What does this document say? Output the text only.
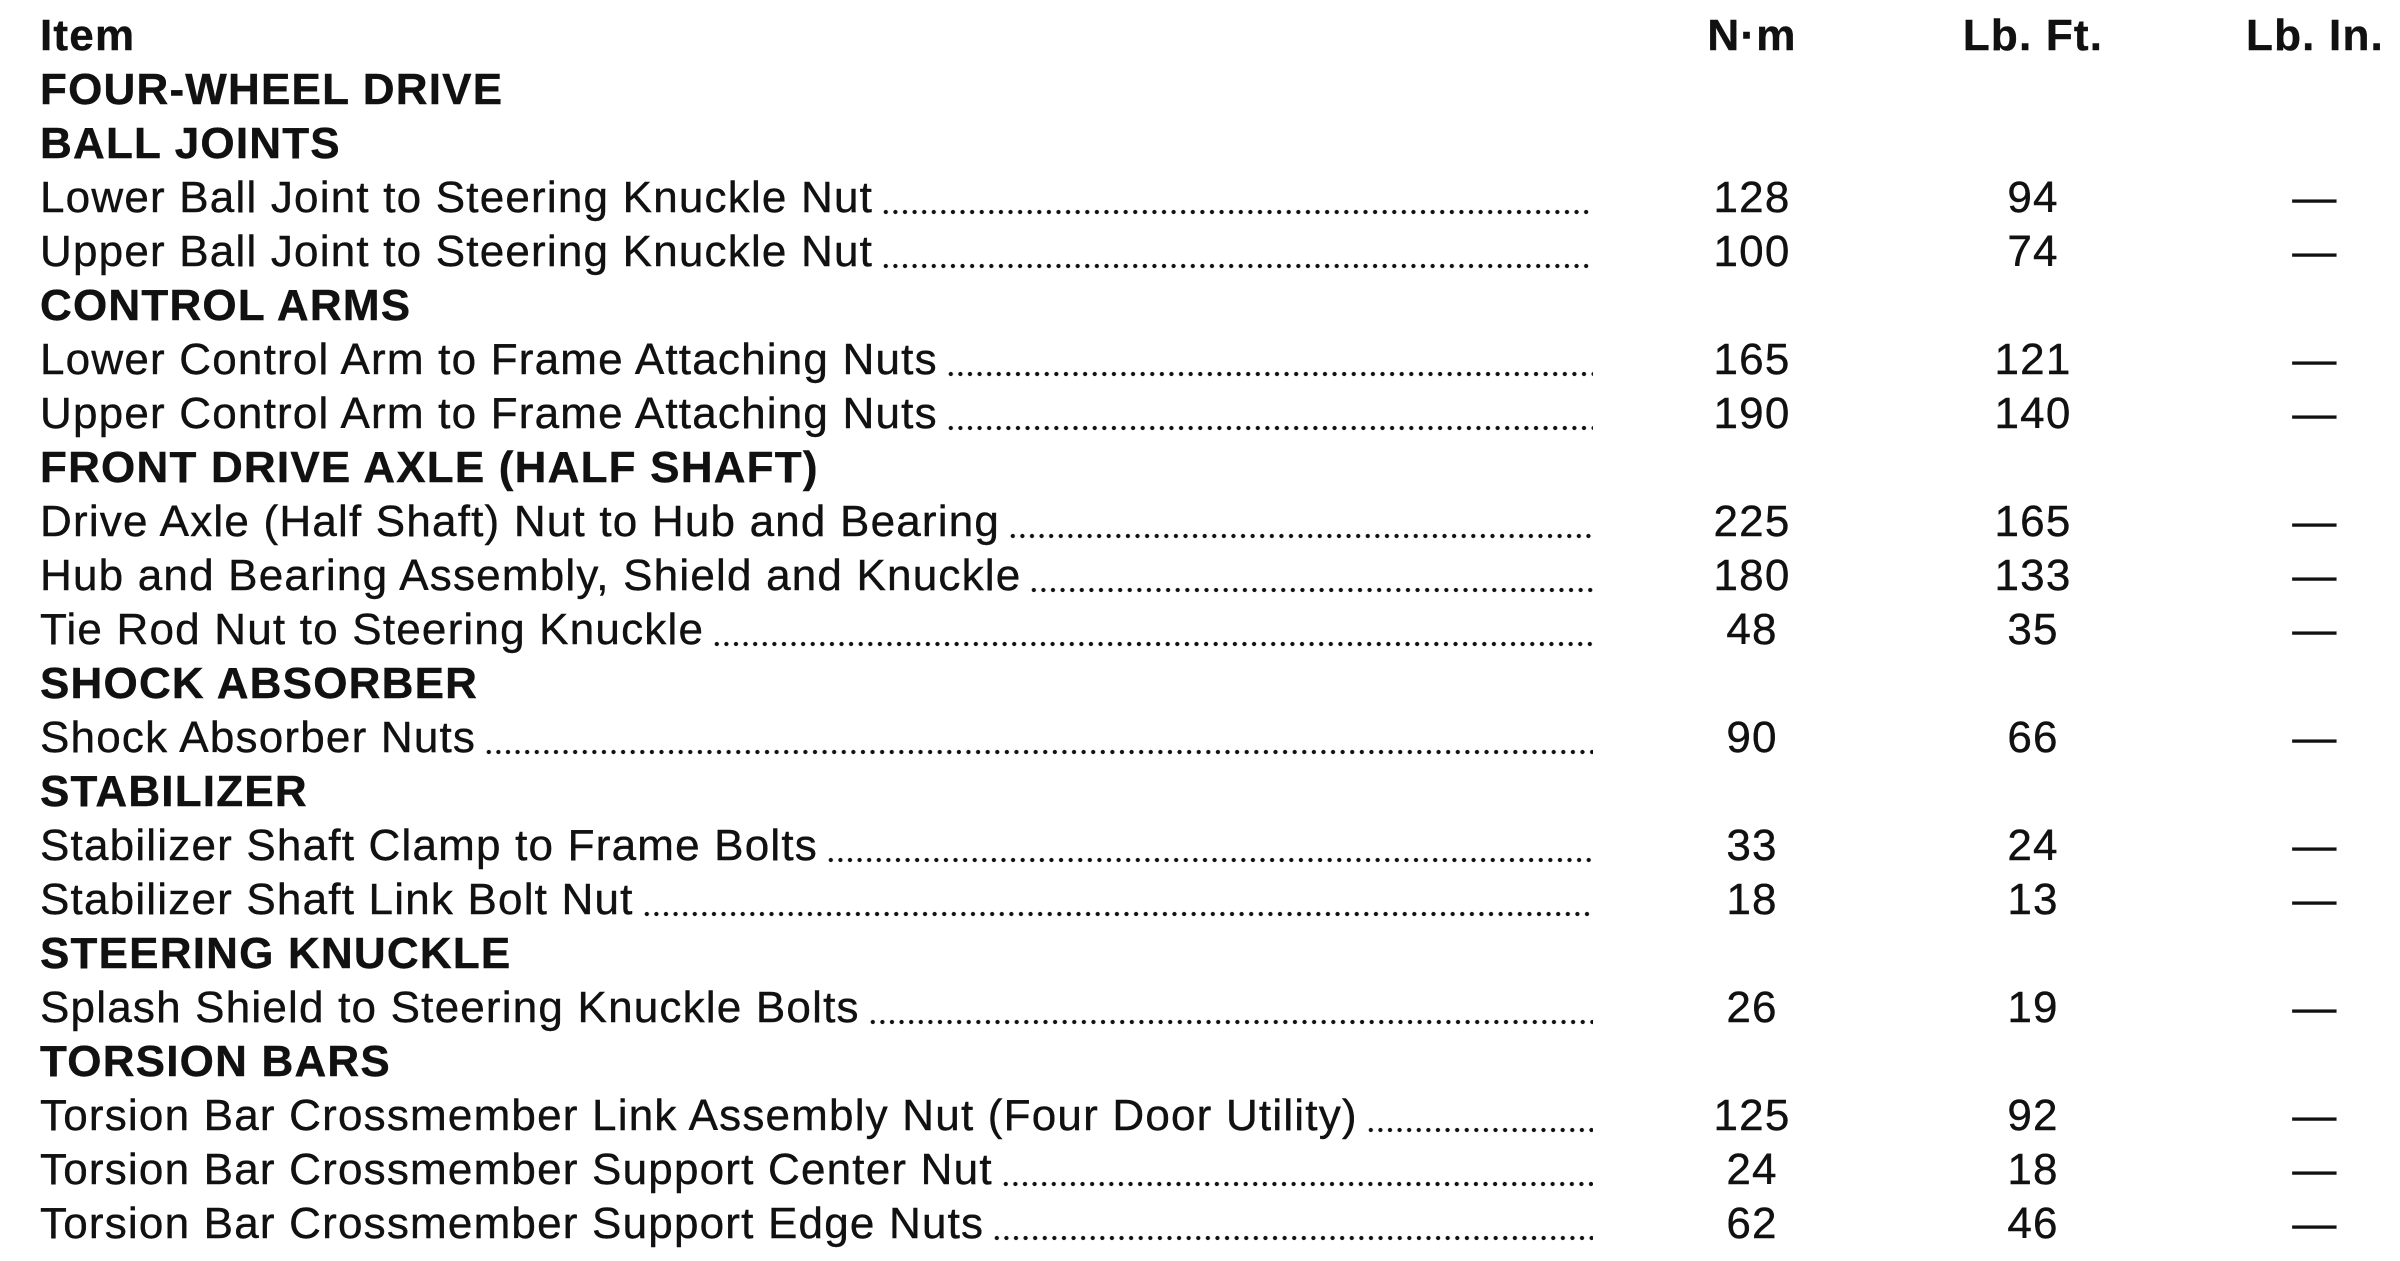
Item	N·m	Lb. Ft.	Lb. In.
FOUR-WHEEL DRIVE
BALL JOINTS
Lower Ball Joint to Steering Knuckle Nut	128	94	—
Upper Ball Joint to Steering Knuckle Nut	100	74	—
CONTROL ARMS
Lower Control Arm to Frame Attaching Nuts	165	121	—
Upper Control Arm to Frame Attaching Nuts	190	140	—
FRONT DRIVE AXLE (HALF SHAFT)
Drive Axle (Half Shaft) Nut to Hub and Bearing	225	165	—
Hub and Bearing Assembly, Shield and Knuckle	180	133	—
Tie Rod Nut to Steering Knuckle	48	35	—
SHOCK ABSORBER
Shock Absorber Nuts	90	66	—
STABILIZER
Stabilizer Shaft Clamp to Frame Bolts	33	24	—
Stabilizer Shaft Link Bolt Nut	18	13	—
STEERING KNUCKLE
Splash Shield to Steering Knuckle Bolts	26	19	—
TORSION BARS
Torsion Bar Crossmember Link Assembly Nut (Four Door Utility)	125	92	—
Torsion Bar Crossmember Support Center Nut	24	18	—
Torsion Bar Crossmember Support Edge Nuts	62	46	—
